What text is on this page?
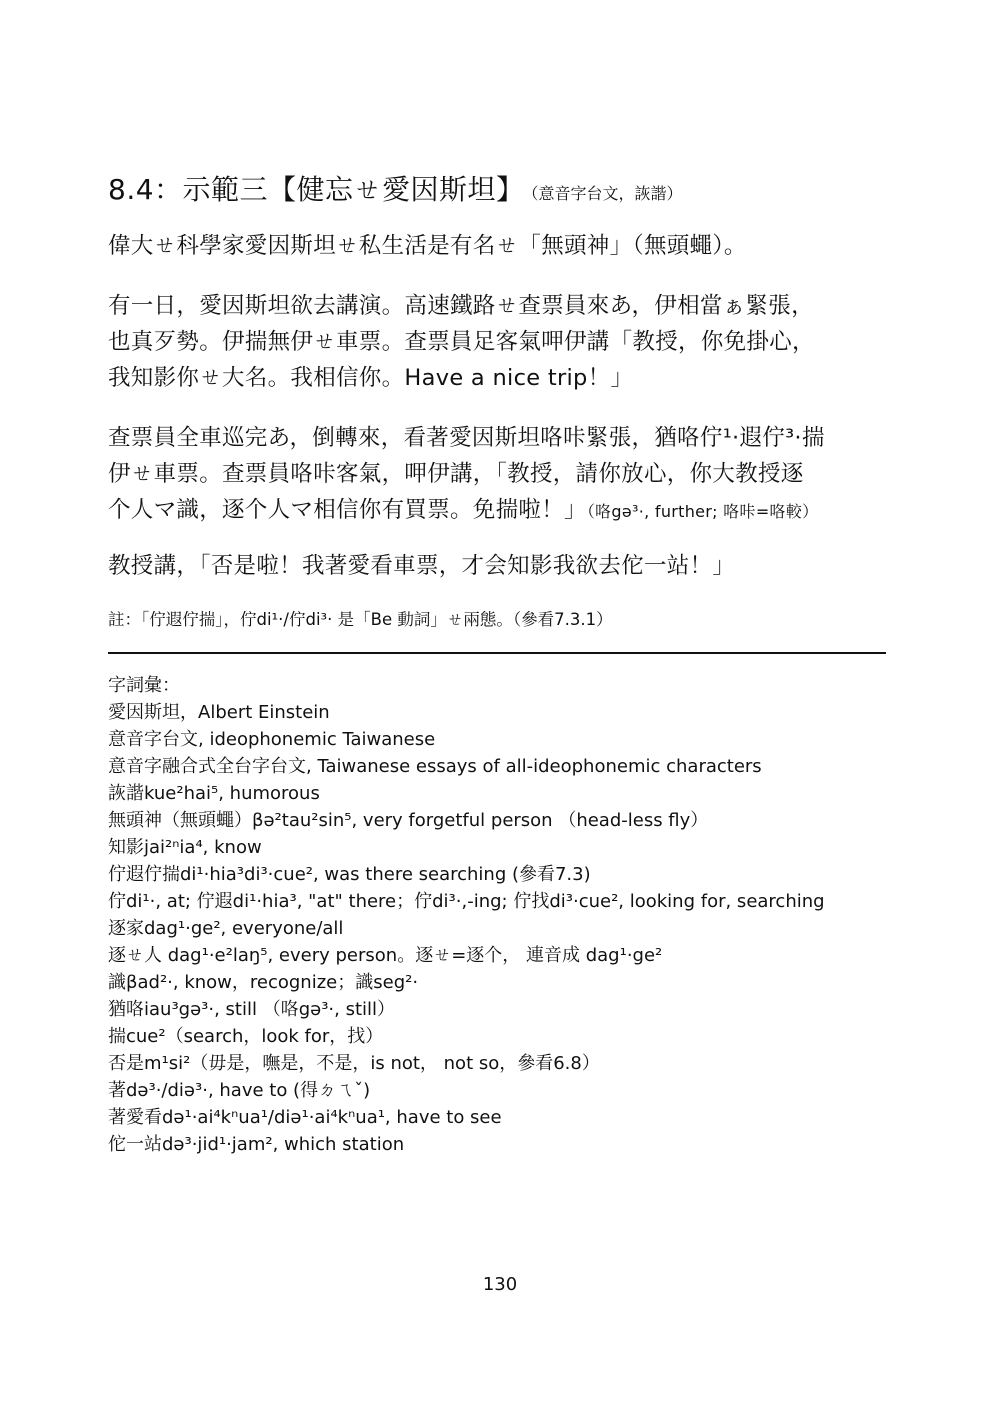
8.4：示範三【健忘ㄝ愛因斯坦】 （意音字台文，詼諧）

偉大ㄝ科學家愛因斯坦ㄝ私生活是有名ㄝ「無頭神」（無頭蠅）。

有一日，愛因斯坦欲去講演。高速鐵路ㄝ查票員來あ，伊相當ぁ緊張，
也真歹勢。伊揣無伊ㄝ車票。查票員足客氣呷伊講「教授，你免掛心，
我知影你ㄝ大名。我相信你。Have a nice trip！」

查票員全車巡完あ，倒轉來，看著愛因斯坦咯咔緊張，猶咯佇¹·遐佇³·揣
伊ㄝ車票。查票員咯咔客氣，呷伊講，「教授，請你放心，你大教授逐
个人マ識，逐个人マ相信你有買票。免揣啦！」（咯gə³·, further; 咯咔=咯較）

教授講，「否是啦！我著愛看車票，才会知影我欲去佗一站！」

註：「佇遐佇揣」，佇di¹·/佇di³· 是「Be 動詞」ㄝ兩態。（參看7.3.1）

字詞彙：
愛因斯坦，Albert Einstein
意音字台文, ideophonemic Taiwanese
意音字融合式全台字台文, Taiwanese essays of all-ideophonemic characters
詼諧kue²hai⁵, humorous
無頭神（無頭蠅）βə²tau²sin⁵, very forgetful person （head-less fly）
知影jai²ⁿia⁴, know
佇遐佇揣di¹·hia³di³·cue², was there searching (參看7.3)
佇di¹·, at; 佇遐di¹·hia³, "at" there；佇di³·,-ing; 佇找di³·cue², looking for, searching
逐家dag¹·ge², everyone/all
逐ㄝ人 dag¹·e²laŋ⁵, every person。逐ㄝ=逐个， 連音成 dag¹·ge²
識βad²·, know，recognize；識seg²·
猶咯iau³gə³·, still （咯gə³·, still）
揣cue²（search，look for，找）
否是m¹si²（毋是，嘸是，不是，is not， not so，參看6.8）
著də³·/diə³·, have to (得ㄉㄟˇ)
著愛看də¹·ai⁴kⁿua¹/diə¹·ai⁴kⁿua¹, have to see
佗一站də³·jid¹·jam², which station
130
